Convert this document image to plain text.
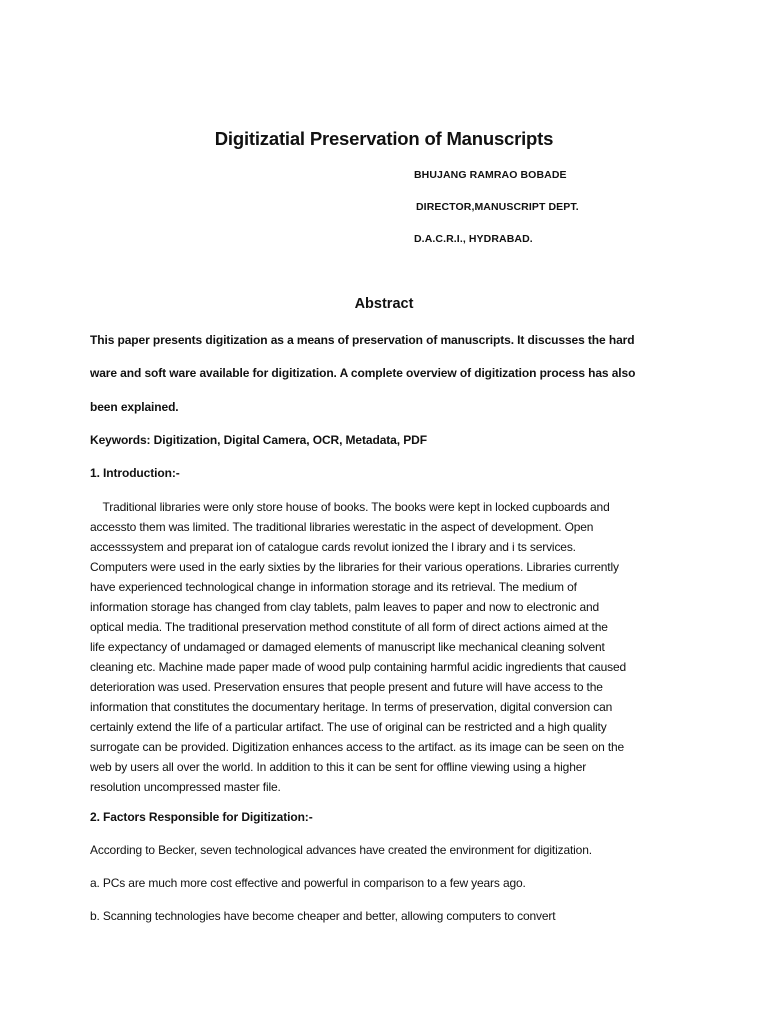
Digitizatial Preservation of Manuscripts
BHUJANG RAMRAO BOBADE
DIRECTOR,MANUSCRIPT DEPT.
D.A.C.R.I., HYDRABAD.
Abstract
This paper presents digitization as a means of preservation of manuscripts. It discusses the hard
ware and soft ware available for digitization. A complete overview of digitization process has also
been explained.
Keywords: Digitization, Digital Camera, OCR, Metadata, PDF
1. Introduction:-
Traditional libraries were only store house of books. The books were kept in locked cupboards and
accessto them was limited. The traditional libraries werestatic in the aspect of development. Open
accesssystem and preparat ion of catalogue cards revolut ionized the l ibrary and i ts services.
Computers were used in the early sixties by the libraries for their various operations. Libraries currently
have experienced technological change in information storage and its retrieval. The medium of
information storage has changed from clay tablets, palm leaves to paper and now to electronic and
optical media. The traditional preservation method constitute of all form of direct actions aimed at the
life expectancy of undamaged or damaged elements of manuscript like mechanical cleaning solvent
cleaning etc. Machine made paper made of wood pulp containing harmful acidic ingredients that caused
deterioration was used. Preservation ensures that people present and future will have access to the
information that constitutes the documentary heritage. In terms of preservation, digital conversion can
certainly extend the life of a particular artifact. The use of original can be restricted and a high quality
surrogate can be provided. Digitization enhances access to the artifact. as its image can be seen on the
web by users all over the world. In addition to this it can be sent for offline viewing using a higher
resolution uncompressed master file.
2. Factors Responsible for Digitization:-
According to Becker, seven technological advances have created the environment for digitization.
a. PCs are much more cost effective and powerful in comparison to a few years ago.
b. Scanning technologies have become cheaper and better, allowing computers to convert
